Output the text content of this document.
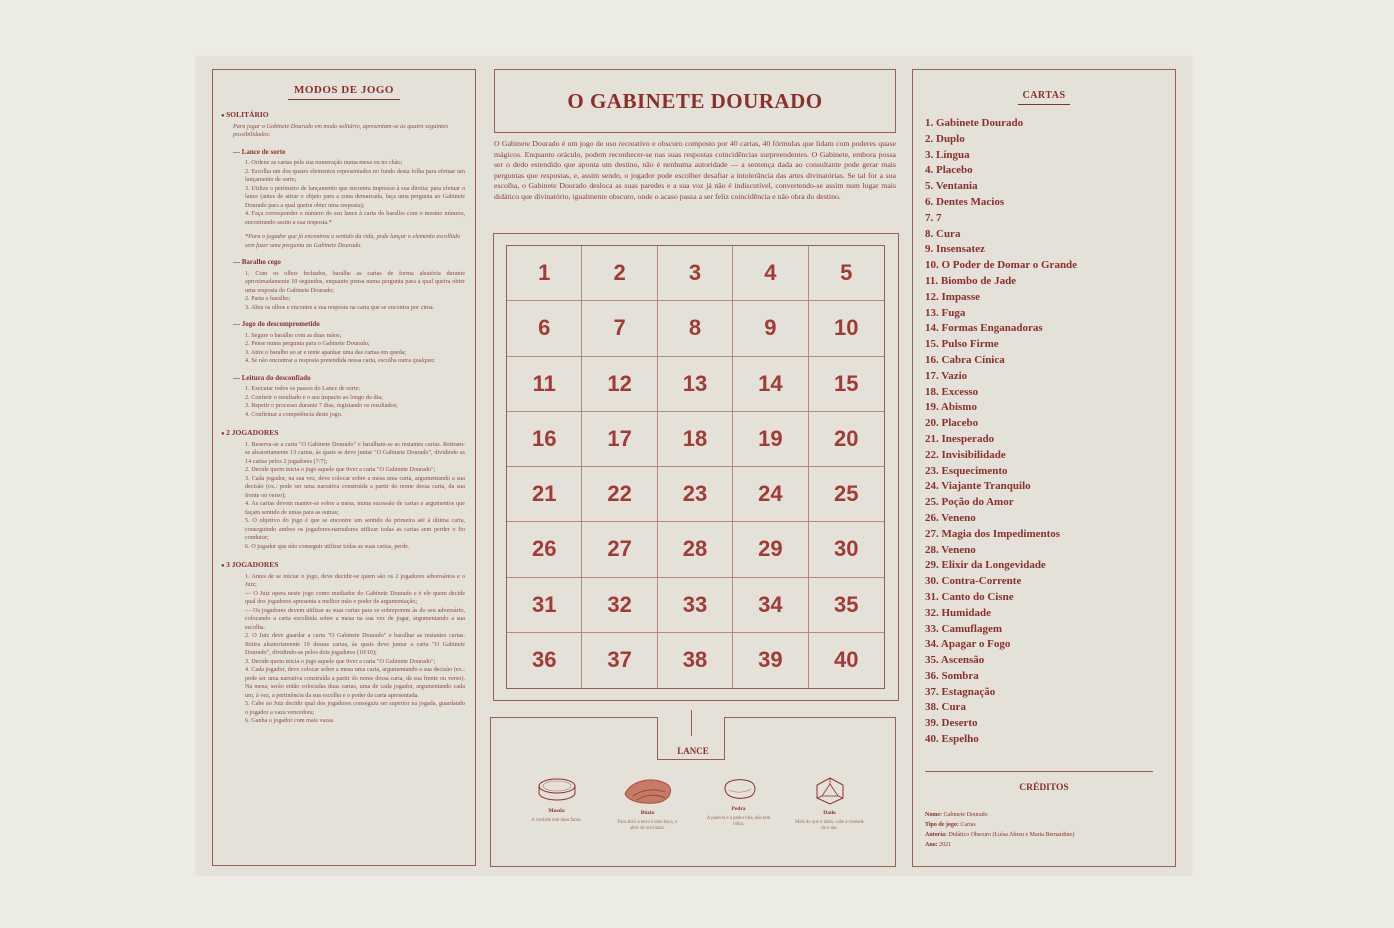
MODOS DE JOGO
● SOLITÁRIO
Para jogar o Gabinete Dourado em modo solitário, apresentam-se as quatro seguintes possibilidades:
— Lance de sorte
1. Ordene as cartas pela sua numeração numa mesa ou no chão;
2. Escolha um dos quatro elementos representados no fundo desta folha para efetuar um lançamento de sorte;
3. Utilize o perímetro de lançamento que encontra impresso à sua direita; para efetuar o lance (antes de atirar o objeto para a zona demarcada, faça uma pergunta ao Gabinete Dourado para a qual queira obter uma resposta);
4. Faça corresponder o número do seu lance à carta do baralho com o mesmo número, encontrando assim a sua resposta.*
*Para o jogador que já encontrou o sentido da vida, pode lançar o elemento escolhido sem fazer uma pergunta ao Gabinete Dourado.
— Baralho cego
1. Com os olhos fechados, baralhe as cartas de forma aleatória durante aproximadamente 10 segundos, enquanto pensa numa pergunta para a qual queira obter uma resposta do Gabinete Dourado;
2. Parta o baralho;
3. Abra os olhos e encontre a sua resposta na carta que se encontra por cima.
— Jogo do descomprometido
1. Segure o baralho com as duas mãos;
2. Pense numa pergunta para o Gabinete Dourado;
3. Atire o baralho ao ar e tente apanhar uma das cartas em queda;
4. Se não encontrar a resposta pretendida nessa carta, escolha outra qualquer.
— Leitura do desconfiado
1. Executar todos os passos do Lance de sorte;
2. Conferir o resultado e o seu impacto ao longo do dia;
3. Repetir o processo durante 7 dias, registando os resultados;
4. Confirmar a competência deste jogo.
● 2 JOGADORES
1. Reserva-se a carta "O Gabinete Dourado" e baralham-se as restantes cartas. Retiram-se aleatoriamente 13 cartas, às quais se deve juntar "O Gabinete Dourado", dividindo as 14 cartas pelos 2 jogadores (7/7);
2. Decide quem inicia o jogo aquele que tiver a carta "O Gabinete Dourado";
3. Cada jogador, na sua vez, deve colocar sobre a mesa uma carta, argumentando a sua decisão (ex.: pode ser uma narrativa construída a partir do nome dessa carta, da sua frente ou verso);
4. As cartas devem manter-se sobre a mesa, numa sucessão de cartas e argumentos que façam sentido de umas para as outras;
5. O objetivo do jogo é que se encontre um sentido da primeira até à última carta, conseguindo ambos os jogadores-narradores utilizar todas as cartas sem perder o fio condutor;
6. O jogador que não conseguir utilizar todas as suas cartas, perde.
● 3 JOGADORES
1. Antes de se iniciar o jogo, deve decidir-se quem são os 2 jogadores adversários e o Juiz;
— O Juiz opera neste jogo como mediador do Gabinete Dourado e é ele quem decide qual dos jogadores apresenta a melhor mão e poder de argumentação;
— Os jogadores devem utilizar as suas cartas para se sobreporem às do seu adversário, colocando a carta escolhida sobre a mesa na sua vez de jogar, argumentando a sua escolha.
2. O Juiz deve guardar a carta "O Gabinete Dourado" e baralhar as restantes cartas. Retira aleatoriamente 19 dessas cartas, às quais deve juntar a carta "O Gabinete Dourado", dividindo-as pelos dois jogadores (10/10);
3. Decide quem inicia o jogo aquele que tiver a carta "O Gabinete Dourado";
4. Cada jogador, deve colocar sobre a mesa uma carta, argumentando a sua decisão (ex.: pode ser uma narrativa construída a partir do nome dessa carta, da sua frente ou verso). Na mesa, serão então colocadas duas cartas, uma de cada jogador, argumentando cada um, à vez, a pertinência da sua escolha e o poder da carta apresentada.
5. Cabe ao Juiz decidir qual dos jogadores conseguiu ser superior na jogada, guardando o jogador a vaza vencedora;
6. Ganha o jogador com mais vazas.
O GABINETE DOURADO
O Gabinete Dourado é um jogo de uso recreativo e obscuro composto por 40 cartas, 40 fórmulas que lidam com poderes quase mágicos. Enquanto oráculo, podem reconhecer-se nas suas respostas coincidências surpreendentes. O Gabinete, embora possa ser o dedo estendido que aponta um destino, não é nenhuma autoridade — a sentença dada ao consultante pode gerar mais perguntas que respostas, e, assim sendo, o jogador pode escolher desafiar a intolerância das artes divinatórias. Se tal for a sua escolha, o Gabinete Dourado desloca as suas paredes e a sua voz já não é indiscutível, convertendo-se assim num lugar mais didático que divinatório, igualmente obscuro, onde o acaso passa a ser feliz coincidência e não obra do destino.
1	2	3	4	5
6	7	8	9	10
11	12	13	14	15
16	17	18	19	20
21	22	23	24	25
26	27	28	29	30
31	32	33	34	35
36	37	38	39	40
LANCE
Moeda
A verdade tem duas faces.
Búzio
Para abrir a terra é uma boca, o abrir de um búzio.
Pedra
A palavra é a pedra rola, não tem rolha.
Dado
Mais do que o dado, cabe a vontade de o dar.
CARTAS
1. Gabinete Dourado
2. Duplo
3. Língua
4. Placebo
5. Ventania
6. Dentes Macios
7. 7
8. Cura
9. Insensatez
10. O Poder de Domar o Grande
11. Biombo de Jade
12. Impasse
13. Fuga
14. Formas Enganadoras
15. Pulso Firme
16. Cabra Cínica
17. Vazio
18. Excesso
19. Abismo
20. Placebo
21. Inesperado
22. Invisibilidade
23. Esquecimento
24. Viajante Tranquilo
25. Poção do Amor
26. Veneno
27. Magia dos Impedimentos
28. Veneno
29. Elixir da Longevidade
30. Contra-Corrente
31. Canto do Cisne
32. Humidade
33. Camuflagem
34. Apagar o Fogo
35. Ascensão
36. Sombra
37. Estagnação
38. Cura
39. Deserto
40. Espelho
CRÉDITOS
Nome: Gabinete Dourado
Tipo de jogo: Cartas
Autoria: Didático Obscuro (Luísa Abreu e Maria Bernardino)
Ano: 2021
